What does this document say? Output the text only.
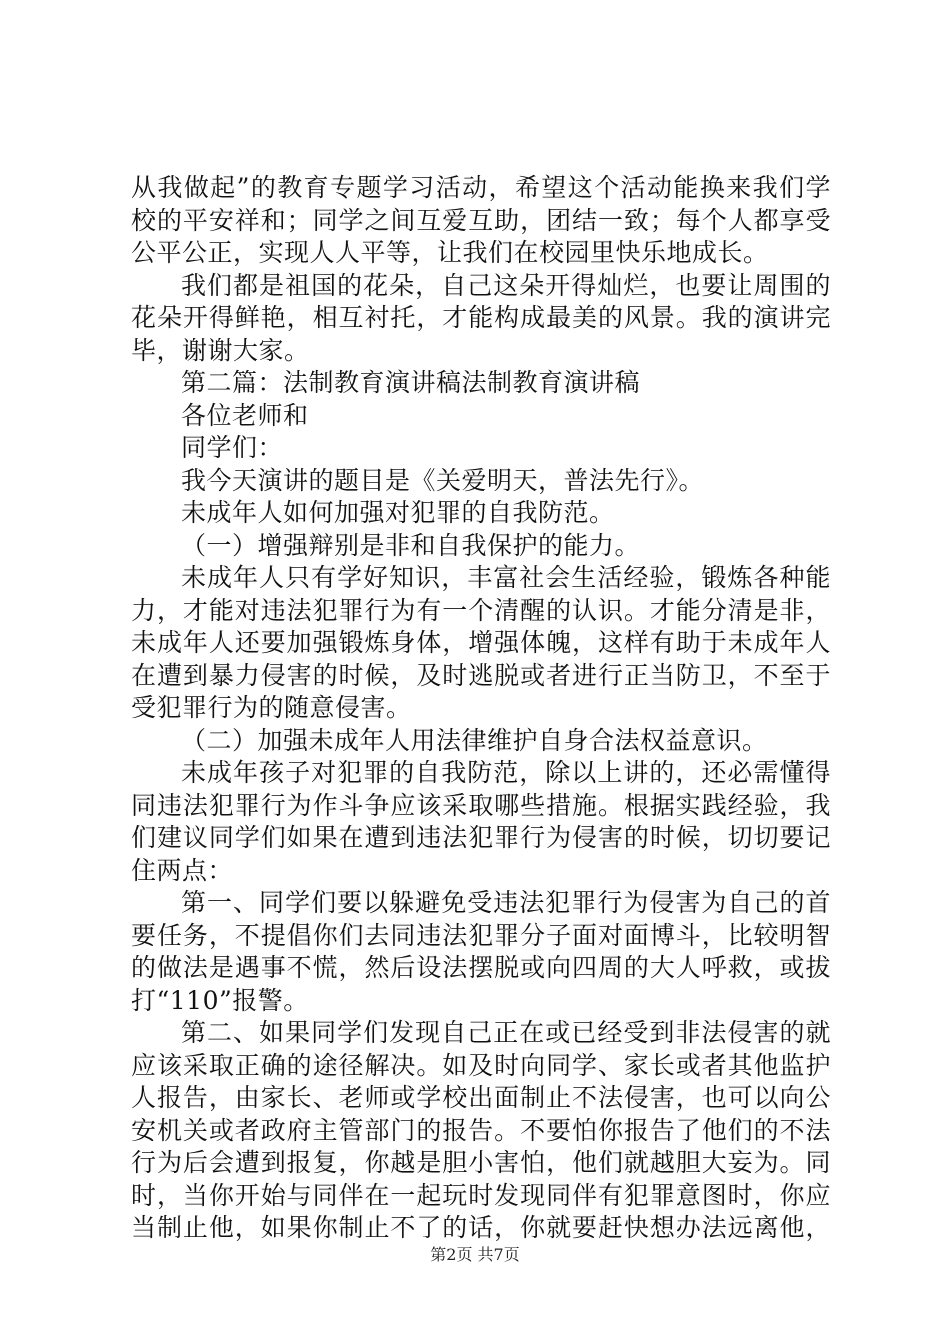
从我做起”的教育专题学习活动，希望这个活动能换来我们学
校的平安祥和；同学之间互爱互助，团结一致；每个人都享受
公平公正，实现人人平等，让我们在校园里快乐地成长。
我们都是祖国的花朵，自己这朵开得灿烂，也要让周围的
花朵开得鲜艳，相互衬托，才能构成最美的风景。我的演讲完
毕，谢谢大家。
第二篇：法制教育演讲稿法制教育演讲稿
各位老师和
同学们：
我今天演讲的题目是《关爱明天，普法先行》。
未成年人如何加强对犯罪的自我防范。
（一）增强辩别是非和自我保护的能力。
未成年人只有学好知识，丰富社会生活经验，锻炼各种能
力，才能对违法犯罪行为有一个清醒的认识。才能分清是非，
未成年人还要加强锻炼身体，增强体魄，这样有助于未成年人
在遭到暴力侵害的时候，及时逃脱或者进行正当防卫，不至于
受犯罪行为的随意侵害。
（二）加强未成年人用法律维护自身合法权益意识。
未成年孩子对犯罪的自我防范，除以上讲的，还必需懂得
同违法犯罪行为作斗争应该采取哪些措施。根据实践经验，我
们建议同学们如果在遭到违法犯罪行为侵害的时候，切切要记
住两点：
第一、同学们要以躲避免受违法犯罪行为侵害为自己的首
要任务，不提倡你们去同违法犯罪分子面对面博斗，比较明智
的做法是遇事不慌，然后设法摆脱或向四周的大人呼救，或拔
打“110”报警。
第二、如果同学们发现自己正在或已经受到非法侵害的就
应该采取正确的途径解决。如及时向同学、家长或者其他监护
人报告，由家长、老师或学校出面制止不法侵害，也可以向公
安机关或者政府主管部门的报告。不要怕你报告了他们的不法
行为后会遭到报复，你越是胆小害怕，他们就越胆大妄为。同
时，当你开始与同伴在一起玩时发现同伴有犯罪意图时，你应
当制止他，如果你制止不了的话，你就要赶快想办法远离他，
第2页 共7页
